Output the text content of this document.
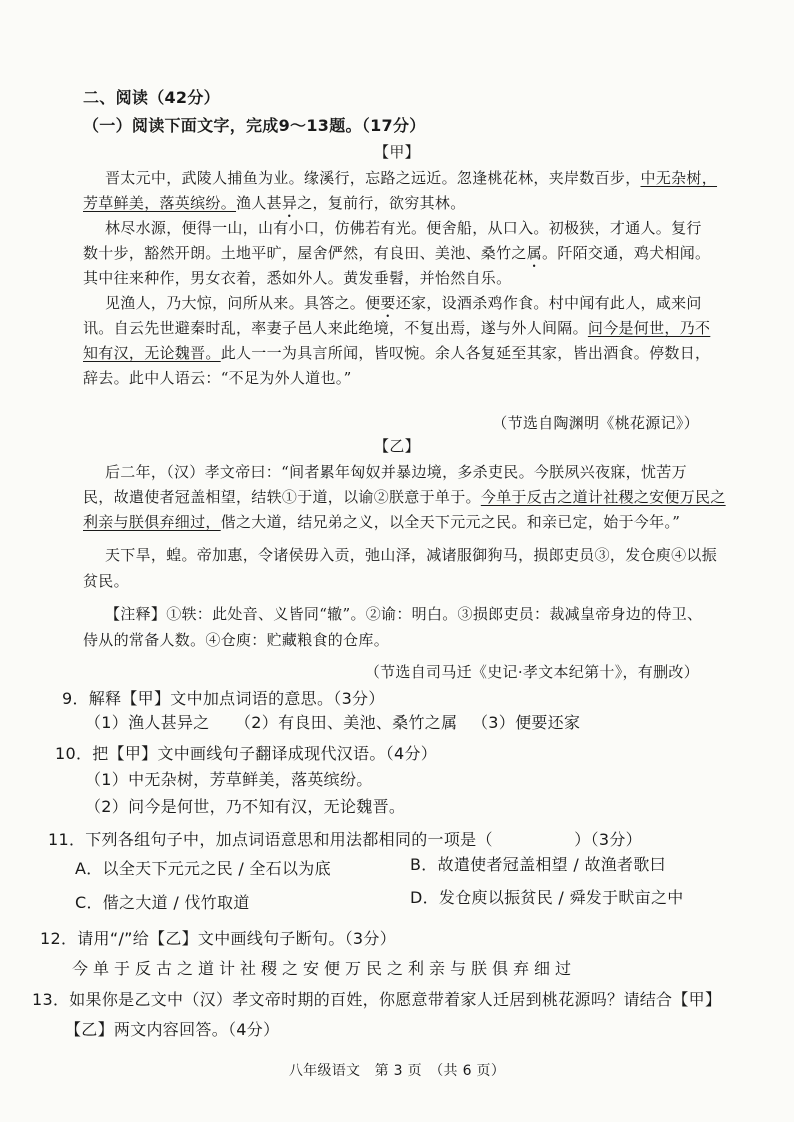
二、阅读（42分）
（一）阅读下面文字，完成9～13题。（17分）
【甲】
晋太元中，武陵人捕鱼为业。缘溪行，忘路之远近。忽逢桃花林，夹岸数百步，中无杂树，
芳草鲜美，落英缤纷。渔人甚异之，复前行，欲穷其林。
林尽水源，便得一山，山有小口，仿佛若有光。便舍船，从口入。初极狭，才通人。复行
数十步，豁然开朗。土地平旷，屋舍俨然，有良田、美池、桑竹之属。阡陌交通，鸡犬相闻。
其中往来种作，男女衣着，悉如外人。黄发垂髫，并怡然自乐。
见渔人，乃大惊，问所从来。具答之。便要还家，设酒杀鸡作食。村中闻有此人，咸来问
讯。自云先世避秦时乱，率妻子邑人来此绝境，不复出焉，遂与外人间隔。问今是何世，乃不
知有汉，无论魏晋。此人一一为具言所闻，皆叹惋。余人各复延至其家，皆出酒食。停数日，
辞去。此中人语云：“不足为外人道也。”
（节选自陶渊明《桃花源记》）
【乙】
后二年，（汉）孝文帝曰：“间者累年匈奴并暴边境，多杀吏民。今朕夙兴夜寐，忧苦万
民，故遣使者冠盖相望，结轶①于道，以谕②朕意于单于。今单于反古之道计社稷之安便万民之
利亲与朕俱弃细过，偕之大道，结兄弟之义，以全天下元元之民。和亲已定，始于今年。”
天下旱，蝗。帝加惠，令诸侯毋入贡，弛山泽，减诸服御狗马，损郎吏员③，发仓庾④以振
贫民。
【注释】①轶：此处音、义皆同“辙”。②谕：明白。③损郎吏员：裁减皇帝身边的侍卫、
侍从的常备人数。④仓庾：贮藏粮食的仓库。
（节选自司马迁《史记·孝文本纪第十》，有删改）
9．解释【甲】文中加点词语的意思。（3分）
（1）渔人甚异之 （2）有良田、美池、桑竹之属 （3）便要还家
10．把【甲】文中画线句子翻译成现代汉语。（4分）
（1）中无杂树，芳草鲜美，落英缤纷。
（2）问今是何世，乃不知有汉，无论魏晋。
11．下列各组句子中，加点词语意思和用法都相同的一项是（　　　　　）（3分）
A．以全天下元元之民 / 全石以为底	B．故遣使者冠盖相望 / 故渔者歌曰
C．偕之大道 / 伐竹取道	D．发仓庾以振贫民 / 舜发于畎亩之中
12．请用“/”给【乙】文中画线句子断句。（3分）
今单于反古之道计社稷之安便万民之利亲与朕俱弃细过
13．如果你是乙文中（汉）孝文帝时期的百姓，你愿意带着家人迁居到桃花源吗？请结合【甲】
【乙】两文内容回答。（4分）
八年级语文　第 3 页　（共 6 页）
